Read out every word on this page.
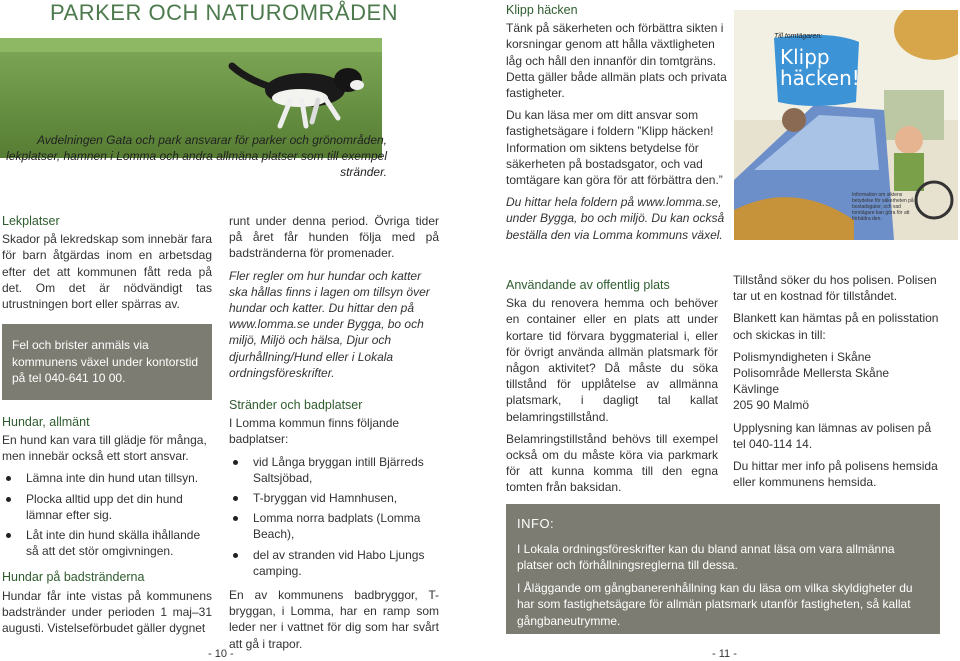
PARKER OCH NATUROMRÅDEN
Avdelningen Gata och park ansvarar för parker och grönområden, lekplatser, hamnen i Lomma och andra allmäna platser som till exempel stränder.
Lekplatser
Skador på lekredskap som innebär fara för barn åtgärdas inom en arbetsdag efter det att kommunen fått reda på det. Om det är nödvändigt tas utrustningen bort eller spärras av.
Fel och brister anmäls via kommunens växel under kontorstid på tel 040-641 10 00.
Hundar, allmänt
En hund kan vara till glädje för många, men innebär också ett stort ansvar.
Lämna inte din hund utan tillsyn.
Plocka alltid upp det din hund lämnar efter sig.
Låt inte din hund skälla ihållande så att det stör omgivningen.
Hundar på badstränderna
Hundar får inte vistas på kommunens badstränder under perioden 1 maj–31 augusti. Vistelseförbudet gäller dygnet
runt under denna period. Övriga tider på året får hunden följa med på badstränderna för promenader.
Fler regler om hur hundar och katter ska hållas finns i lagen om tillsyn över hundar och katter. Du hittar den på www.lomma.se under Bygga, bo och miljö, Miljö och hälsa, Djur och djurhållning/Hund eller i Lokala ordningsföreskrifter.
Stränder och badplatser
I Lomma kommun finns följande badplatser:
vid Långa bryggan intill Bjärreds Saltsjöbad,
T-bryggan vid Hamnhusen,
Lomma norra badplats (Lomma Beach),
del av stranden vid Habo Ljungs camping.
En av kommunens badbryggor, T-bryggan, i Lomma, har en ramp som leder ner i vattnet för dig som har svårt att gå i trapor.
Klipp häcken
Tänk på säkerheten och förbättra sikten i korsningar genom att hålla växtligheten låg och håll den innanför din tomtgräns. Detta gäller både allmän plats och privata fastigheter.
Du kan läsa mer om ditt ansvar som fastighetsägare i foldern ”Klipp häcken! Information om siktens betydelse för säkerheten på bostadsgator, och vad tomtägare kan göra för att förbättra den.”
Du hittar hela foldern på www.lomma.se, under Bygga, bo och miljö. Du kan också beställa den via Lomma kommuns växel.
Till tomtägaren:
Klipp häcken!
Information om siktens betydelse för säkerheten på bostadsgator, och vad tomtägare kan göra för att förbättra den.
Användande av offentlig plats
Ska du renovera hemma och behöver en container eller en plats att under kortare tid förvara byggmaterial i, eller för övrigt använda allmän platsmark för någon aktivitet? Då måste du söka tillstånd för upplåtelse av allmänna platsmark, i dagligt tal kallat belamringstillstånd.
Belamringstillstånd behövs till exempel också om du måste köra via parkmark för att kunna komma till den egna tomten från baksidan.
Tillstånd söker du hos polisen. Polisen tar ut en kostnad för tillståndet.
Blankett kan hämtas på en polisstation och skickas in till:
Polismyndigheten i Skåne
Polisområde Mellersta Skåne
Kävlinge
205 90 Malmö
Upplysning kan lämnas av polisen på tel 040-114 14.
Du hittar mer info på polisens hemsida eller kommunens hemsida.
INFO:
I Lokala ordningsföreskrifter kan du bland annat läsa om vara allmänna platser och förhållningsreglerna till dessa.
I Åläggande om gångbanerenhållning kan du läsa om vilka skyldigheter du har som fastighetsägare för allmän platsmark utanför fastigheten, så kallat gångbaneutrymme.
- 10 -	- 11 -
